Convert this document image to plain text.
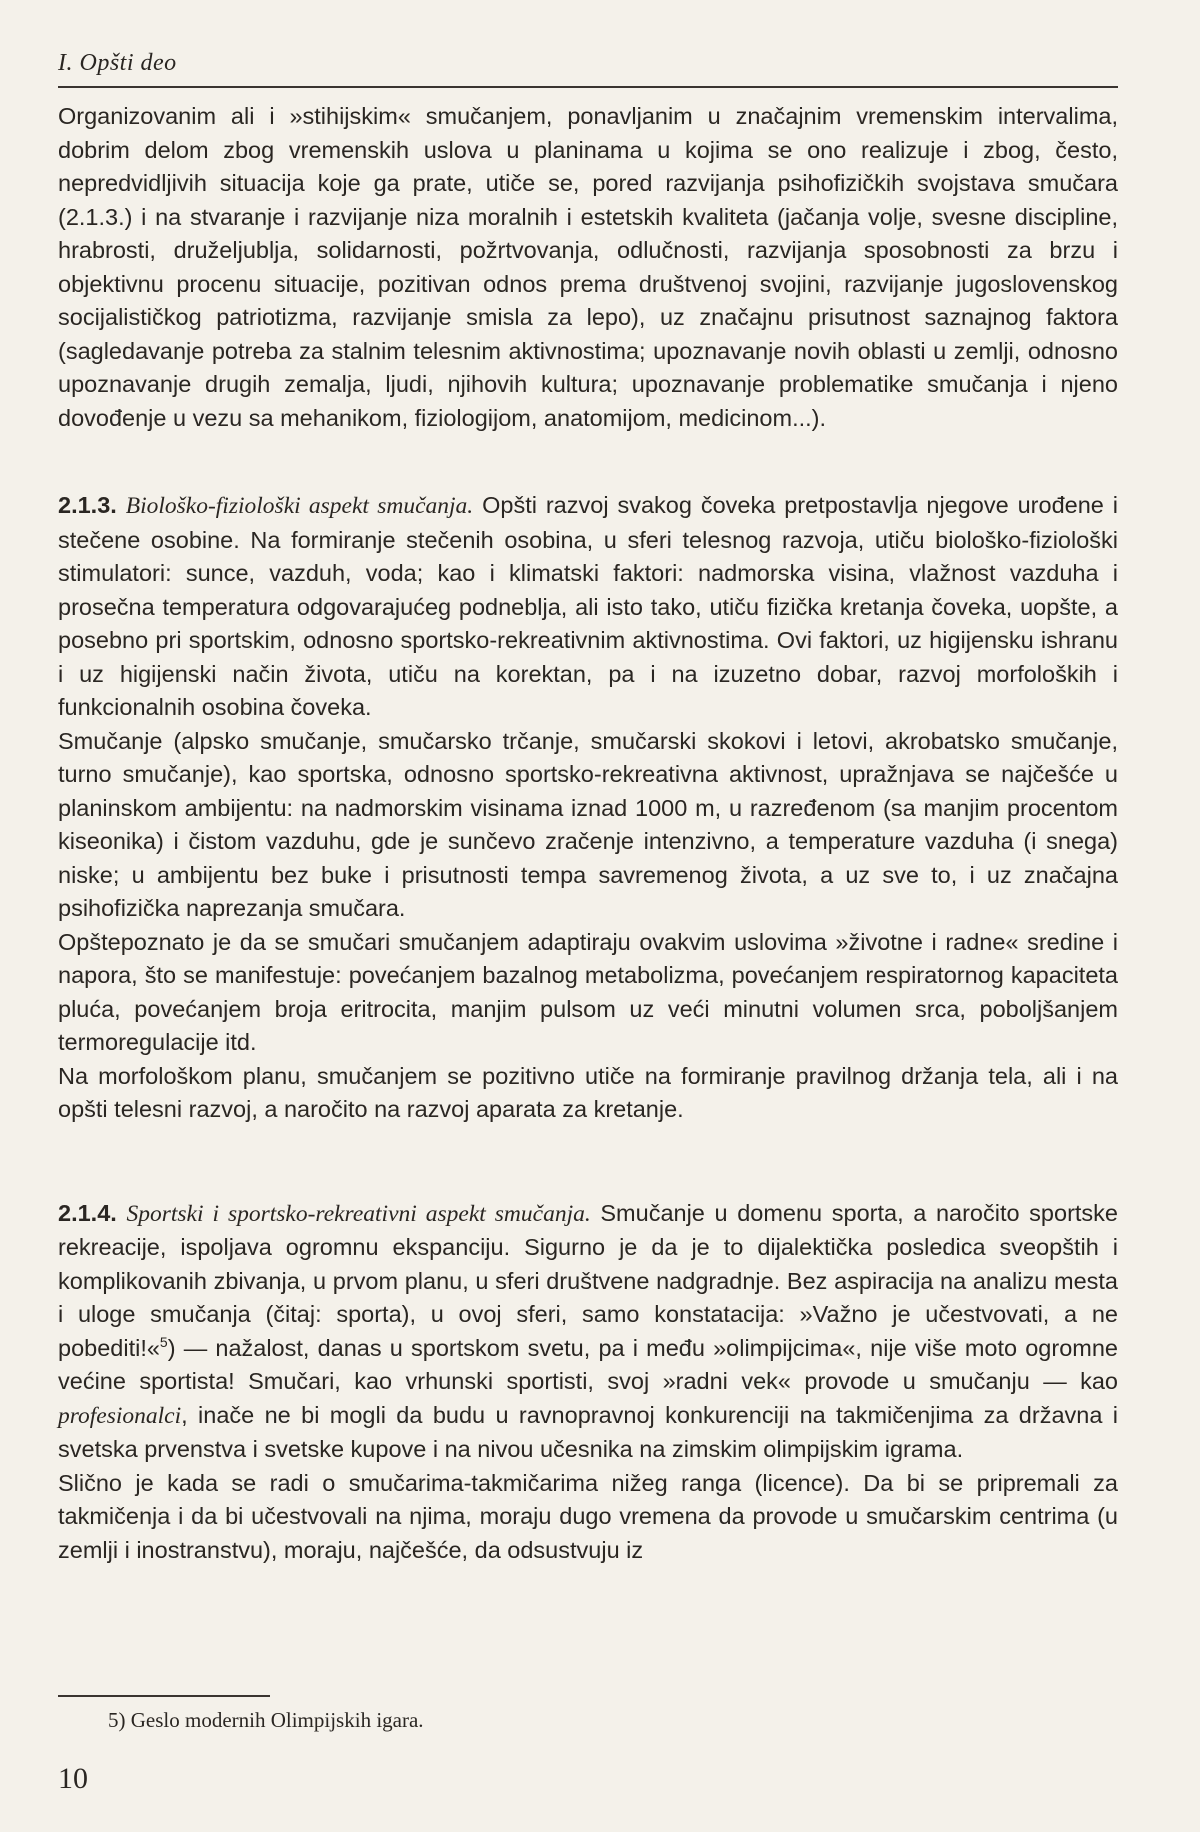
I. Opšti deo

Organizovanim ali i »stihijskim« smučanjem, ponavljanim u značajnim vremenskim intervalima, dobrim delom zbog vremenskih uslova u planinama u kojima se ono realizuje i zbog, često, nepredvidljivih situacija koje ga prate, utiče se, pored razvijanja psihofizičkih svojstava smučara (2.1.3.) i na stvaranje i razvijanje niza moralnih i estetskih kvaliteta (jačanja volje, svesne discipline, hrabrosti, druželjublja, solidarnosti, požrtvovanja, odlučnosti, razvijanja sposobnosti za brzu i objektivnu procenu situacije, pozitivan odnos prema društvenoj svojini, razvijanje jugoslovenskog socijalističkog patriotizma, razvijanje smisla za lepo), uz značajnu prisutnost saznajnog faktora (sagledavanje potreba za stalnim telesnim aktivnostima; upoznavanje novih oblasti u zemlji, odnosno upoznavanje drugih zemalja, ljudi, njihovih kultura; upoznavanje problematike smučanja i njeno dovođenje u vezu sa mehanikom, fiziologijom, anatomijom, medicinom...).

2.1.3. Biološko-fiziološki aspekt smučanja. Opšti razvoj svakog čoveka pretpostavlja njegove urođene i stečene osobine. Na formiranje stečenih osobina, u sferi telesnog razvoja, utiču biološko-fiziološki stimulatori: sunce, vazduh, voda; kao i klimatski faktori: nadmorska visina, vlažnost vazduha i prosečna temperatura odgovarajućeg podneblja, ali isto tako, utiču fizička kretanja čoveka, uopšte, a posebno pri sportskim, odnosno sportsko-rekreativnim aktivnostima. Ovi faktori, uz higijensku ishranu i uz higijenski način života, utiču na korektan, pa i na izuzetno dobar, razvoj morfoloških i funkcionalnih osobina čoveka.

Smučanje (alpsko smučanje, smučarsko trčanje, smučarski skokovi i letovi, akrobatsko smučanje, turno smučanje), kao sportska, odnosno sportsko-rekreativna aktivnost, upražnjava se najčešće u planinskom ambijentu: na nadmorskim visinama iznad 1000 m, u razređenom (sa manjim procentom kiseonika) i čistom vazduhu, gde je sunčevo zračenje intenzivno, a temperature vazduha (i snega) niske; u ambijentu bez buke i prisutnosti tempa savremenog života, a uz sve to, i uz značajna psihofizička naprezanja smučara.

Opštepoznato je da se smučari smučanjem adaptiraju ovakvim uslovima »životne i radne« sredine i napora, što se manifestuje: povećanjem bazalnog metabolizma, povećanjem respiratornog kapaciteta pluća, povećanjem broja eritrocita, manjim pulsom uz veći minutni volumen srca, poboljšanjem termoregulacije itd.

Na morfološkom planu, smučanjem se pozitivno utiče na formiranje pravilnog držanja tela, ali i na opšti telesni razvoj, a naročito na razvoj aparata za kretanje.

2.1.4. Sportski i sportsko-rekreativni aspekt smučanja. Smučanje u domenu sporta, a naročito sportske rekreacije, ispoljava ogromnu ekspanciju. Sigurno je da je to dijalektička posledica sveopštih i komplikovanih zbivanja, u prvom planu, u sferi društvene nadgradnje. Bez aspiracija na analizu mesta i uloge smučanja (čitaj: sporta), u ovoj sferi, samo konstatacija: »Važno je učestvovati, a ne pobediti!«$^5$) — nažalost, danas u sportskom svetu, pa i među »olimpijcima«, nije više moto ogromne većine sportista! Smučari, kao vrhunski sportisti, svoj »radni vek« provode u smučanju — kao profesionalci, inače ne bi mogli da budu u ravnopravnoj konkurenciji na takmičenjima za državna i svetska prvenstva i svetske kupove i na nivou učesnika na zimskim olimpijskim igrama.

Slično je kada se radi o smučarima-takmičarima nižeg ranga (licence). Da bi se pripremali za takmičenja i da bi učestvovali na njima, moraju dugo vremena da provode u smučarskim centrima (u zemlji i inostranstvu), moraju, najčešće, da odsustvuju iz

5) Geslo modernih Olimpijskih igara.
10
